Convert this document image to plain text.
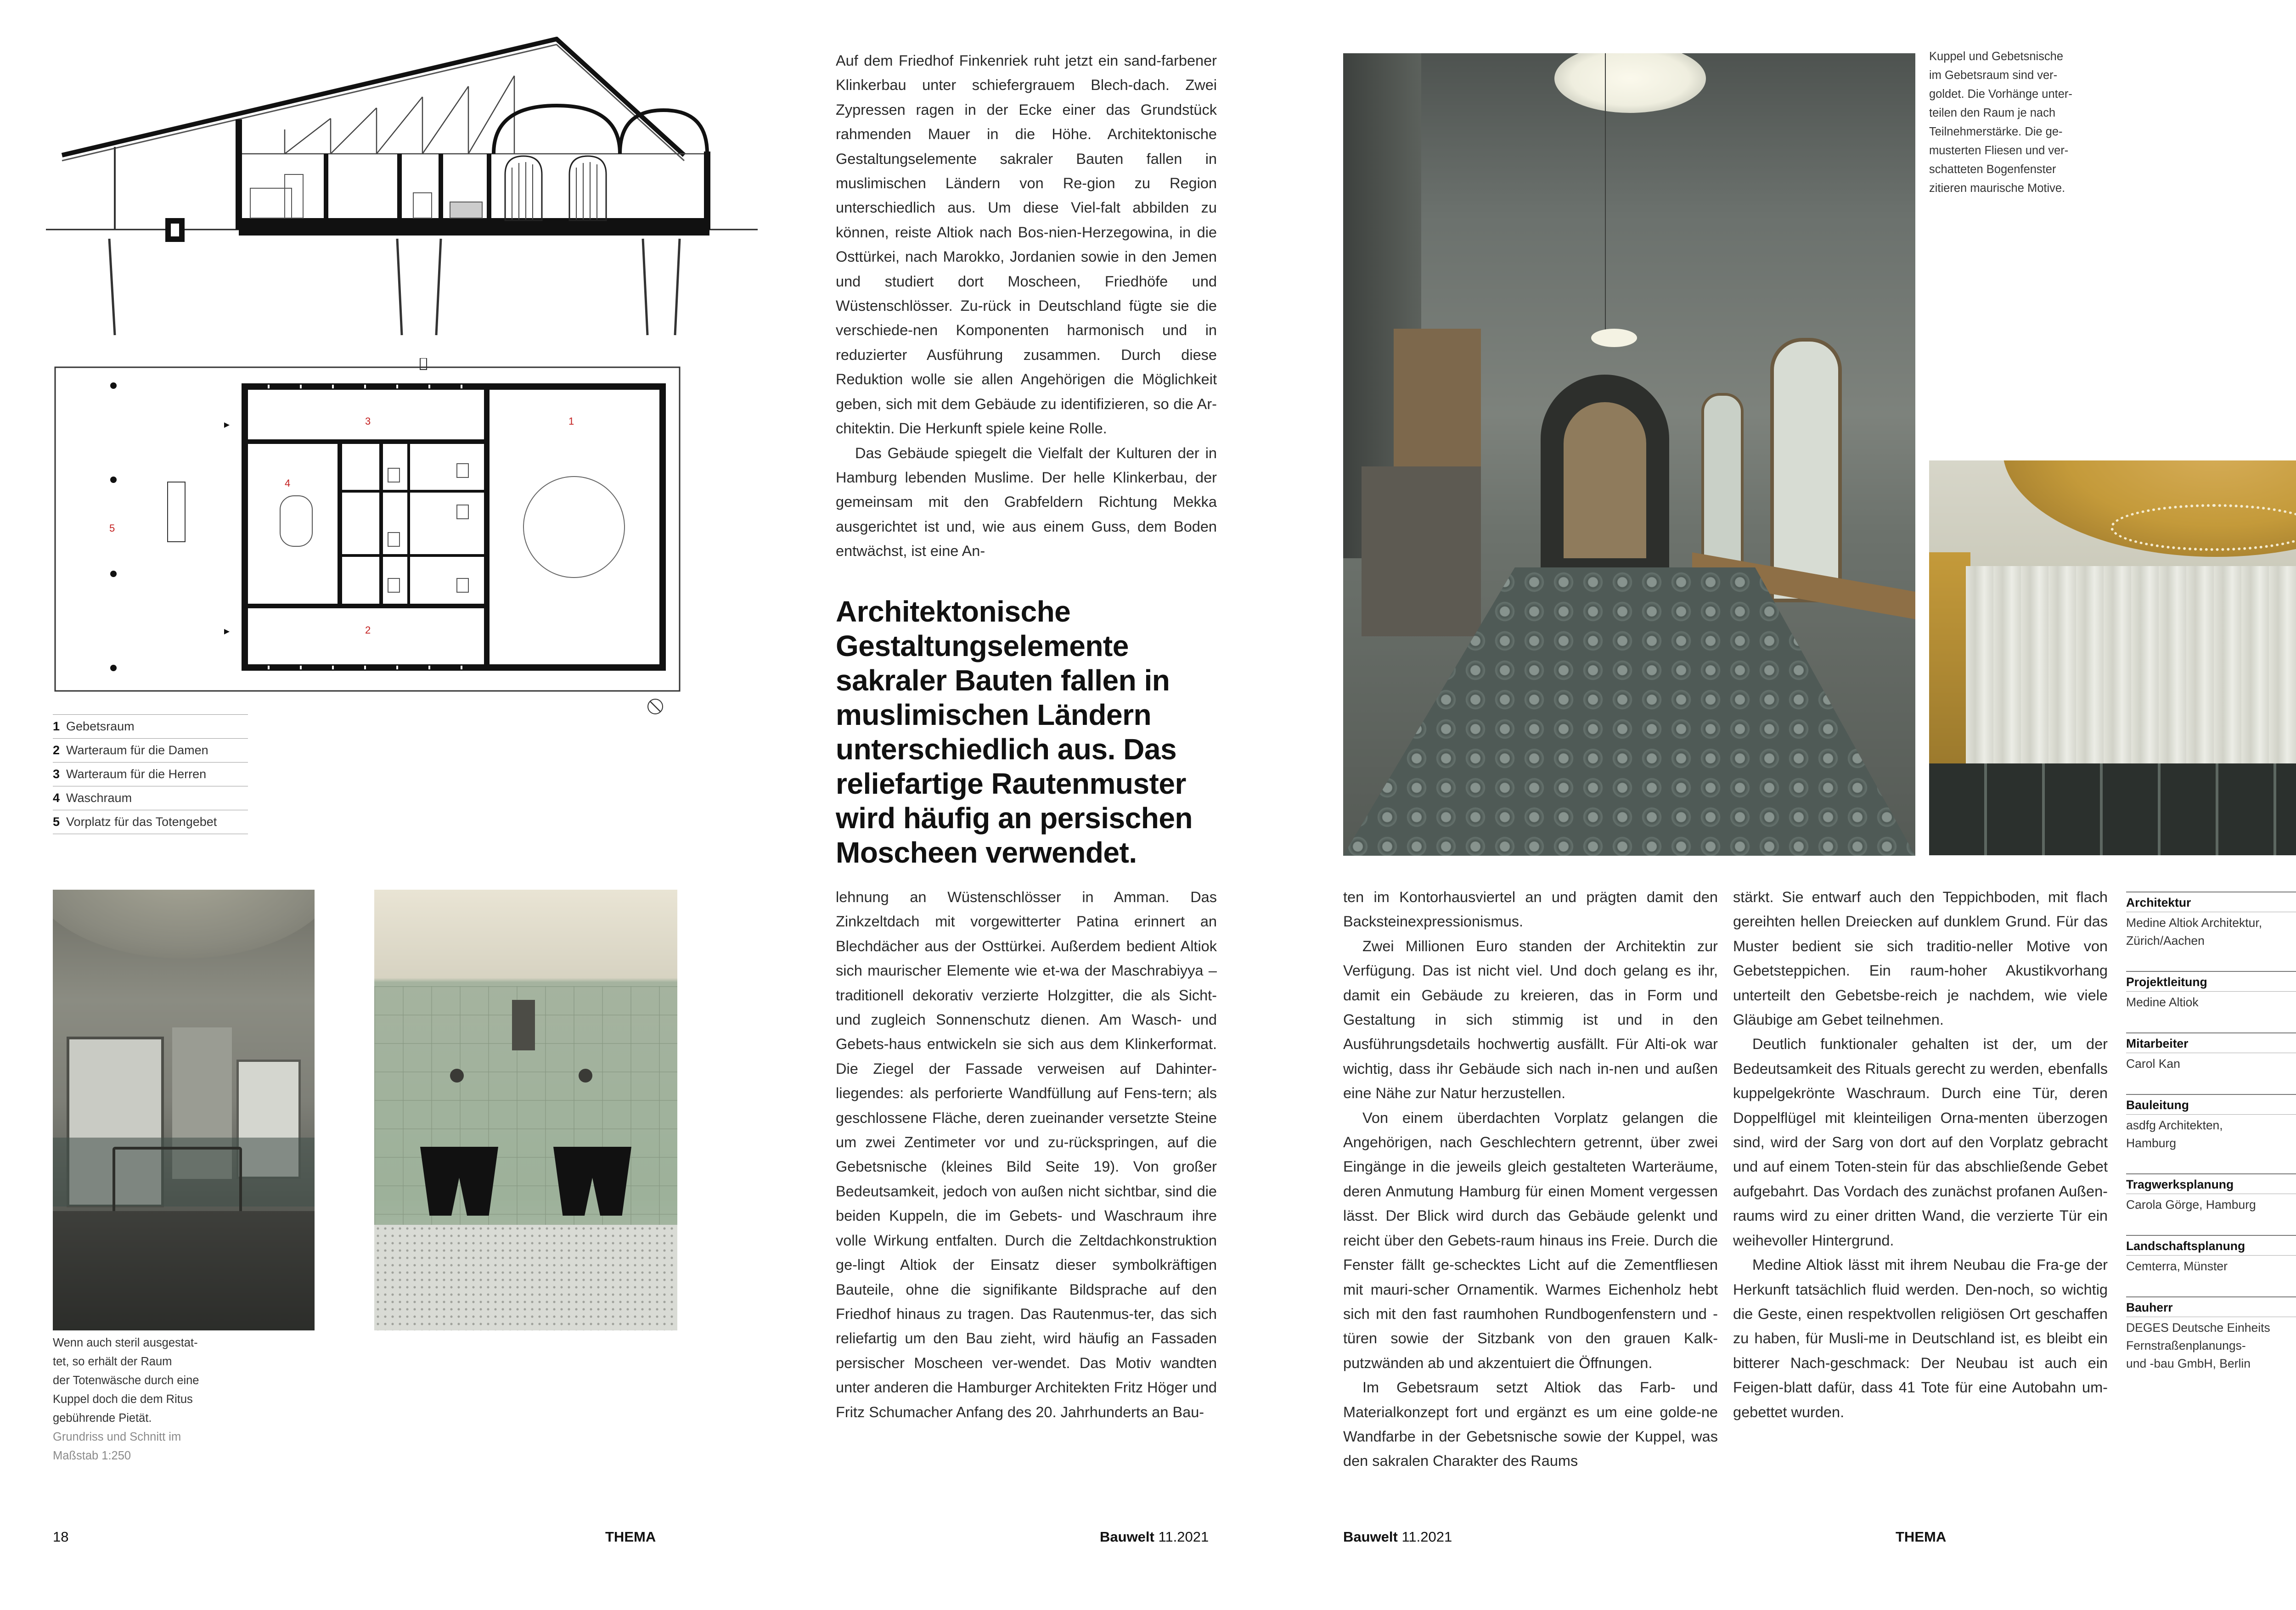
3	1
4
5
2
1 Gebetsraum
2 Warteraum für die Damen
3 Warteraum für die Herren
4 Waschraum
5 Vorplatz für das Totengebet
Wenn auch steril ausgestat-
tet, so erhält der Raum
der Totenwäsche durch eine
Kuppel doch die dem Ritus
gebührende Pietät.
Grundriss und Schnitt im
Maßstab 1:250

Auf dem Friedhof Finkenriek ruht jetzt ein sand-farbener Klinkerbau unter schiefergrauem Blech-dach. Zwei Zypressen ragen in der Ecke einer das Grundstück rahmenden Mauer in die Höhe. Architektonische Gestaltungselemente sakraler Bauten fallen in muslimischen Ländern von Re-gion zu Region unterschiedlich aus. Um diese Viel-falt abbilden zu können, reiste Altiok nach Bos-nien-Herzegowina, in die Osttürkei, nach Marokko, Jordanien sowie in den Jemen und studiert dort Moscheen, Friedhöfe und Wüstenschlösser. Zu-rück in Deutschland fügte sie die verschiede-nen Komponenten harmonisch und in reduzierter Ausführung zusammen. Durch diese Reduktion wolle sie allen Angehörigen die Möglichkeit geben, sich mit dem Gebäude zu identifizieren, so die Ar-chitektin. Die Herkunft spiele keine Rolle.

Das Gebäude spiegelt die Vielfalt der Kulturen der in Hamburg lebenden Muslime. Der helle Klinkerbau, der gemeinsam mit den Grabfeldern Richtung Mekka ausgerichtet ist und, wie aus einem Guss, dem Boden entwächst, ist eine An-

Architektonische Gestaltungselemente sakraler Bauten fallen in muslimischen Ländern unterschiedlich aus. Das reliefartige Rautenmuster wird häufig an persischen Moscheen verwendet.

lehnung an Wüstenschlösser in Amman. Das Zinkzeltdach mit vorgewitterter Patina erinnert an Blechdächer aus der Osttürkei. Außerdem bedient Altiok sich maurischer Elemente wie et-wa der Maschrabiyya – traditionell dekorativ verzierte Holzgitter, die als Sicht- und zugleich Sonnenschutz dienen. Am Wasch- und Gebets-haus entwickeln sie sich aus dem Klinkerformat. Die Ziegel der Fassade verweisen auf Dahinter-liegendes: als perforierte Wandfüllung auf Fens-tern; als geschlossene Fläche, deren zueinander versetzte Steine um zwei Zentimeter vor und zu-rückspringen, auf die Gebetsnische (kleines Bild Seite 19). Von großer Bedeutsamkeit, jedoch von außen nicht sichtbar, sind die beiden Kuppeln, die im Gebets- und Waschraum ihre volle Wirkung entfalten. Durch die Zeltdachkonstruktion ge-lingt Altiok der Einsatz dieser symbolkräftigen Bauteile, ohne die signifikante Bildsprache auf den Friedhof hinaus zu tragen. Das Rautenmus-ter, das sich reliefartig um den Bau zieht, wird häufig an Fassaden persischer Moscheen ver-wendet. Das Motiv wandten unter anderen die Hamburger Architekten Fritz Höger und Fritz Schumacher Anfang des 20. Jahrhunderts an Bau-

18	THEMA	Bauwelt 11.2021
Kuppel und Gebetsnische
im Gebetsraum sind ver-
goldet. Die Vorhänge unter-
teilen den Raum je nach
Teilnehmerstärke. Die ge-
musterten Fliesen und ver-
schatteten Bogenfenster
zitieren maurische Motive.

ten im Kontorhausviertel an und prägten damit den Backsteinexpressionismus.

Zwei Millionen Euro standen der Architektin zur Verfügung. Das ist nicht viel. Und doch gelang es ihr, damit ein Gebäude zu kreieren, das in Form und Gestaltung in sich stimmig ist und in den Ausführungsdetails hochwertig ausfällt. Für Alti-ok war wichtig, dass ihr Gebäude sich nach in-nen und außen eine Nähe zur Natur herzustellen.

Von einem überdachten Vorplatz gelangen die Angehörigen, nach Geschlechtern getrennt, über zwei Eingänge in die jeweils gleich gestalteten Warteräume, deren Anmutung Hamburg für einen Moment vergessen lässt. Der Blick wird durch das Gebäude gelenkt und reicht über den Gebets-raum hinaus ins Freie. Durch die Fenster fällt ge-schecktes Licht auf die Zementfliesen mit mauri-scher Ornamentik. Warmes Eichenholz hebt sich mit den fast raumhohen Rundbogenfenstern und -türen sowie der Sitzbank von den grauen Kalk-putzwänden ab und akzentuiert die Öffnungen.

Im Gebetsraum setzt Altiok das Farb- und Materialkonzept fort und ergänzt es um eine golde-ne Wandfarbe in der Gebetsnische sowie der Kuppel, was den sakralen Charakter des Raums

stärkt. Sie entwarf auch den Teppichboden, mit flach gereihten hellen Dreiecken auf dunklem Grund. Für das Muster bedient sie sich traditio-neller Motive von Gebetsteppichen. Ein raum-hoher Akustikvorhang unterteilt den Gebetsbe-reich je nachdem, wie viele Gläubige am Gebet teilnehmen.

Deutlich funktionaler gehalten ist der, um der Bedeutsamkeit des Rituals gerecht zu werden, ebenfalls kuppelgekrönte Waschraum. Durch eine Tür, deren Doppelflügel mit kleinteiligen Orna-menten überzogen sind, wird der Sarg von dort auf den Vorplatz gebracht und auf einem Toten-stein für das abschließende Gebet aufgebahrt. Das Vordach des zunächst profanen Außen-raums wird zu einer dritten Wand, die verzierte Tür ein weihevoller Hintergrund.

Medine Altiok lässt mit ihrem Neubau die Fra-ge der Herkunft tatsächlich fluid werden. Den-noch, so wichtig die Geste, einen respektvollen religiösen Ort geschaffen zu haben, für Musli-me in Deutschland ist, es bleibt ein bitterer Nach-geschmack: Der Neubau ist auch ein Feigen-blatt dafür, dass 41 Tote für eine Autobahn um-gebettet wurden.

Architektur
Medine Altiok Architektur,
Zürich/Aachen
Projektleitung
Medine Altiok
Mitarbeiter
Carol Kan
Bauleitung
asdfg Architekten,
Hamburg
Tragwerksplanung
Carola Görge, Hamburg
Landschaftsplanung
Cemterra, Münster
Bauherr
DEGES Deutsche Einheits
Fernstraßenplanungs-
und -bau GmbH, Berlin
Bauwelt 11.2021	THEMA
